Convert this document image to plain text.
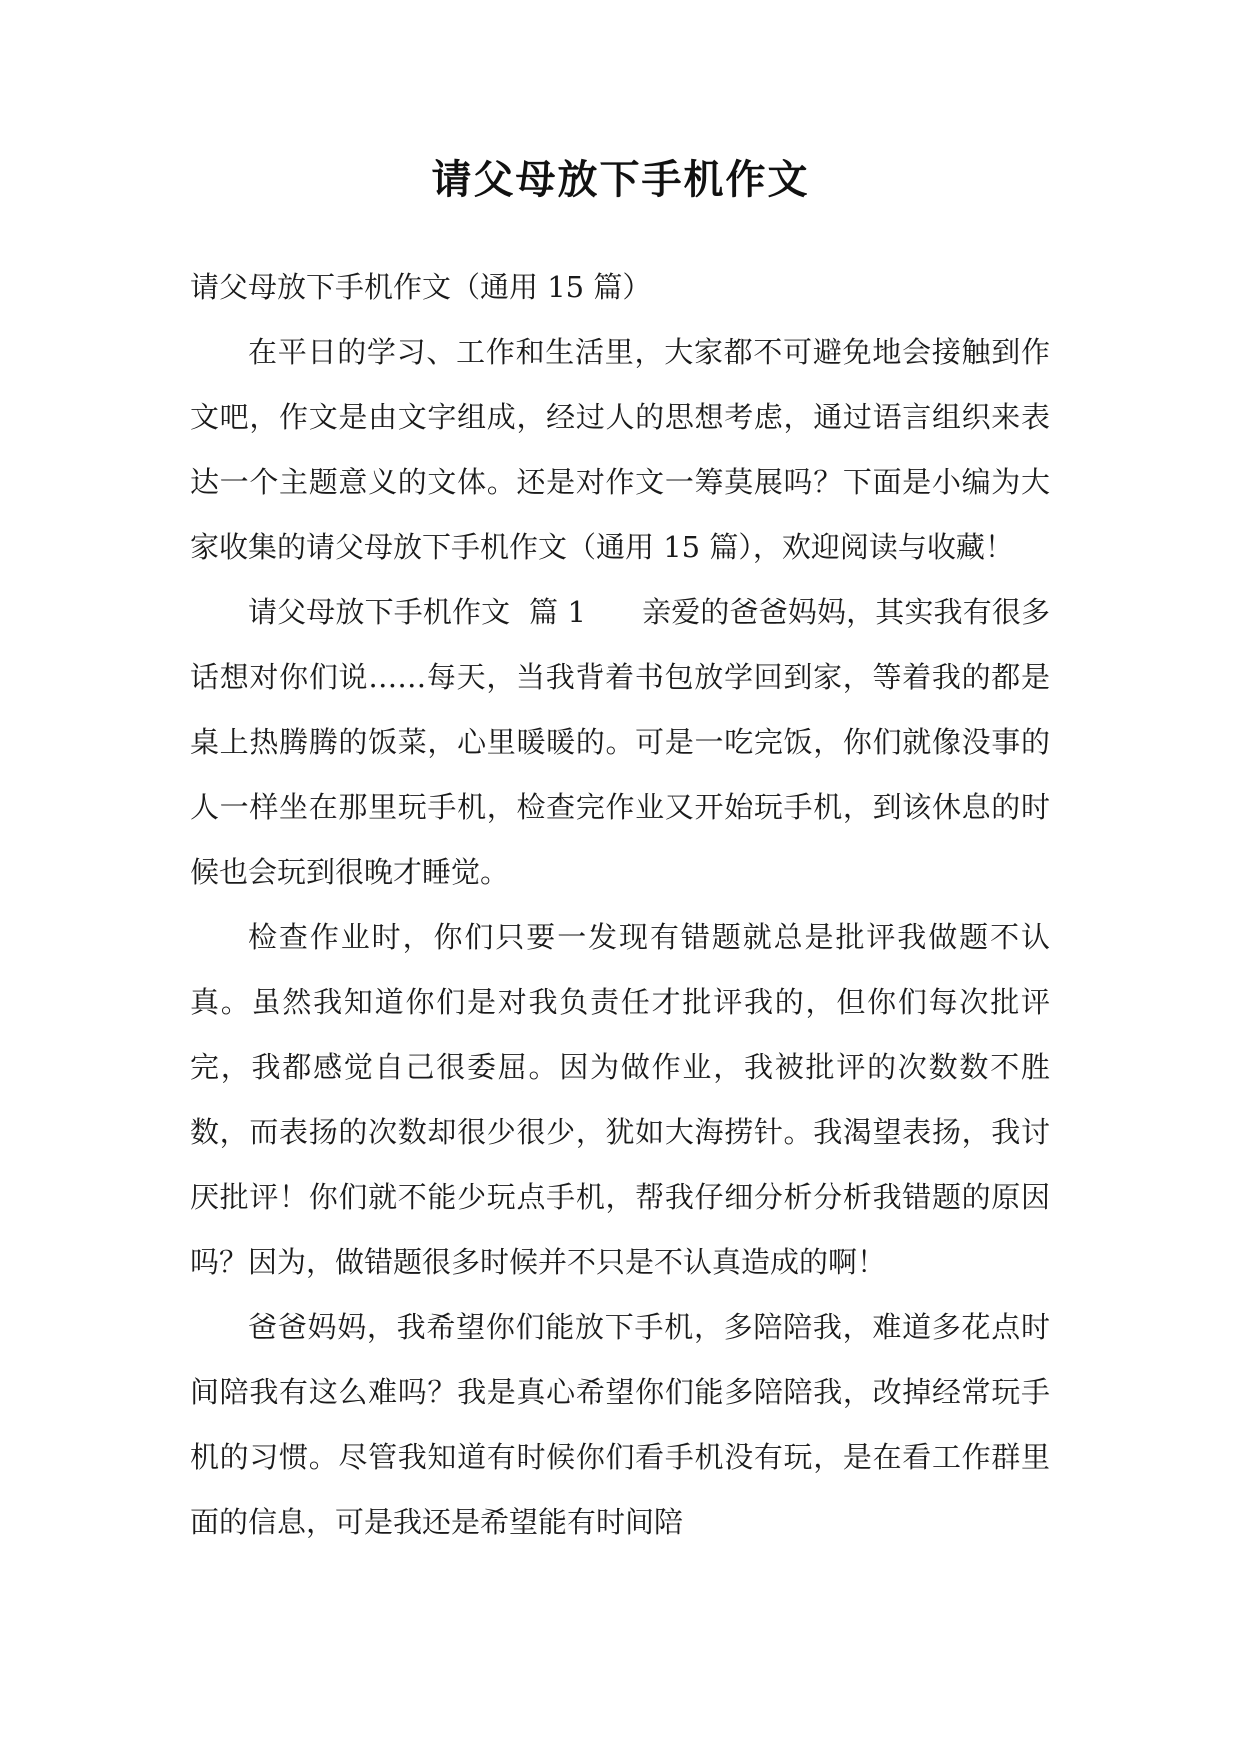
请父母放下手机作文

请父母放下手机作文（通用 15 篇）

在平日的学习、工作和生活里，大家都不可避免地会接触到作文吧，作文是由文字组成，经过人的思想考虑，通过语言组织来表达一个主题意义的文体。还是对作文一筹莫展吗？下面是小编为大家收集的请父母放下手机作文（通用 15 篇），欢迎阅读与收藏！

请父母放下手机作文  篇 1      亲爱的爸爸妈妈，其实我有很多话想对你们说……每天，当我背着书包放学回到家，等着我的都是桌上热腾腾的饭菜，心里暖暖的。可是一吃完饭，你们就像没事的人一样坐在那里玩手机，检查完作业又开始玩手机，到该休息的时候也会玩到很晚才睡觉。

检查作业时，你们只要一发现有错题就总是批评我做题不认真。虽然我知道你们是对我负责任才批评我的，但你们每次批评完，我都感觉自己很委屈。因为做作业，我被批评的次数数不胜数，而表扬的次数却很少很少，犹如大海捞针。我渴望表扬，我讨厌批评！你们就不能少玩点手机，帮我仔细分析分析我错题的原因吗？因为，做错题很多时候并不只是不认真造成的啊！

爸爸妈妈，我希望你们能放下手机，多陪陪我，难道多花点时间陪我有这么难吗？我是真心希望你们能多陪陪我，改掉经常玩手机的习惯。尽管我知道有时候你们看手机没有玩，是在看工作群里面的信息，可是我还是希望能有时间陪
